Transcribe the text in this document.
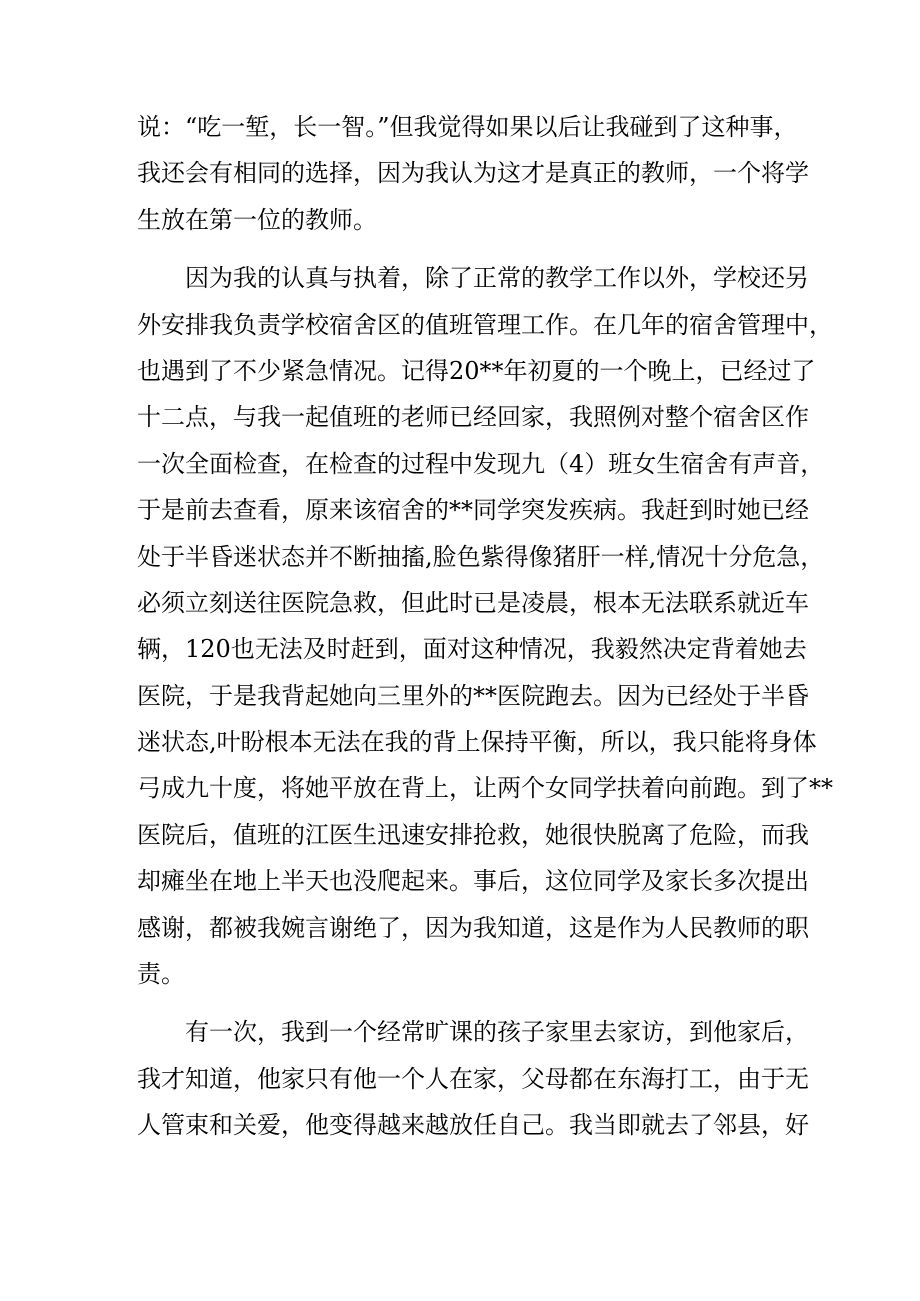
说：“吃一堑，长一智。”但我觉得如果以后让我碰到了这种事，
我还会有相同的选择，因为我认为这才是真正的教师，一个将学
生放在第一位的教师。
因为我的认真与执着，除了正常的教学工作以外，学校还另
外安排我负责学校宿舍区的值班管理工作。在几年的宿舍管理中，
也遇到了不少紧急情况。记得20**年初夏的一个晚上，已经过了
十二点，与我一起值班的老师已经回家，我照例对整个宿舍区作
一次全面检查，在检查的过程中发现九（4）班女生宿舍有声音，
于是前去查看，原来该宿舍的**同学突发疾病。我赶到时她已经
处于半昏迷状态并不断抽搐,脸色紫得像猪肝一样,情况十分危急，
必须立刻送往医院急救，但此时已是凌晨，根本无法联系就近车
辆，120也无法及时赶到，面对这种情况，我毅然决定背着她去
医院，于是我背起她向三里外的**医院跑去。因为已经处于半昏
迷状态,叶盼根本无法在我的背上保持平衡，所以，我只能将身体
弓成九十度，将她平放在背上，让两个女同学扶着向前跑。到了**
医院后，值班的江医生迅速安排抢救，她很快脱离了危险，而我
却瘫坐在地上半天也没爬起来。事后，这位同学及家长多次提出
感谢，都被我婉言谢绝了，因为我知道，这是作为人民教师的职
责。
有一次，我到一个经常旷课的孩子家里去家访，到他家后，
我才知道，他家只有他一个人在家，父母都在东海打工，由于无
人管束和关爱，他变得越来越放任自己。我当即就去了邻县，好
